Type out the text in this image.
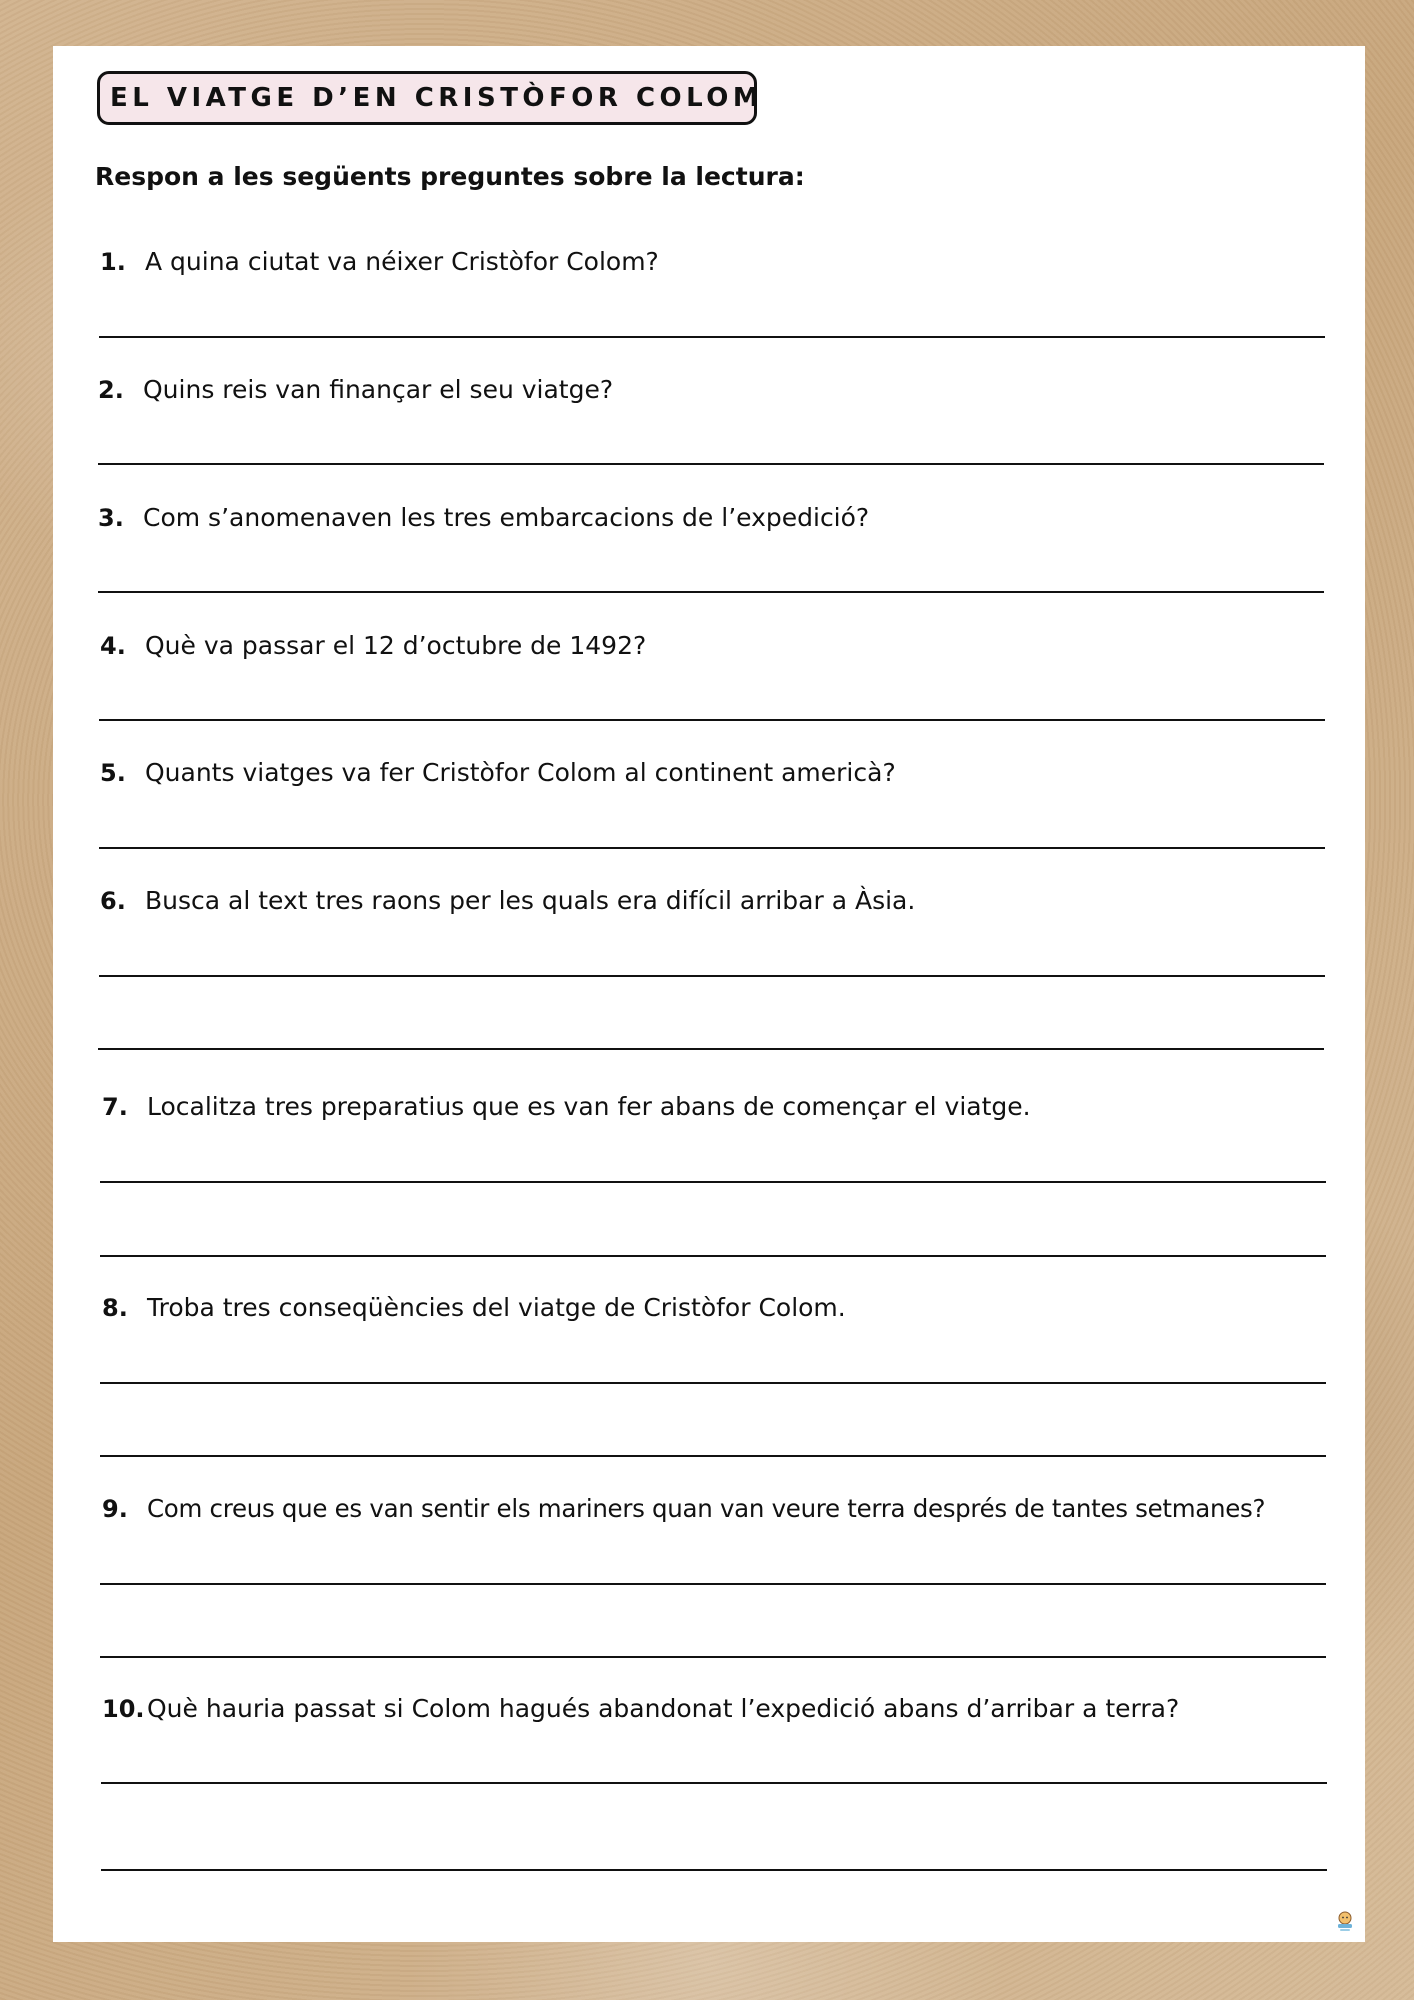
EL VIATGE D’EN CRISTÒFOR COLOM
Respon a les següents preguntes sobre la lectura:
1. A quina ciutat va néixer Cristòfor Colom?
2. Quins reis van finançar el seu viatge?
3. Com s’anomenaven les tres embarcacions de l’expedició?
4. Què va passar el 12 d’octubre de 1492?
5. Quants viatges va fer Cristòfor Colom al continent americà?
6. Busca al text tres raons per les quals era difícil arribar a Àsia.
7. Localitza tres preparatius que es van fer abans de començar el viatge.
8. Troba tres conseqüències del viatge de Cristòfor Colom.
9. Com creus que es van sentir els mariners quan van veure terra després de tantes setmanes?
10. Què hauria passat si Colom hagués abandonat l’expedició abans d’arribar a terra?
